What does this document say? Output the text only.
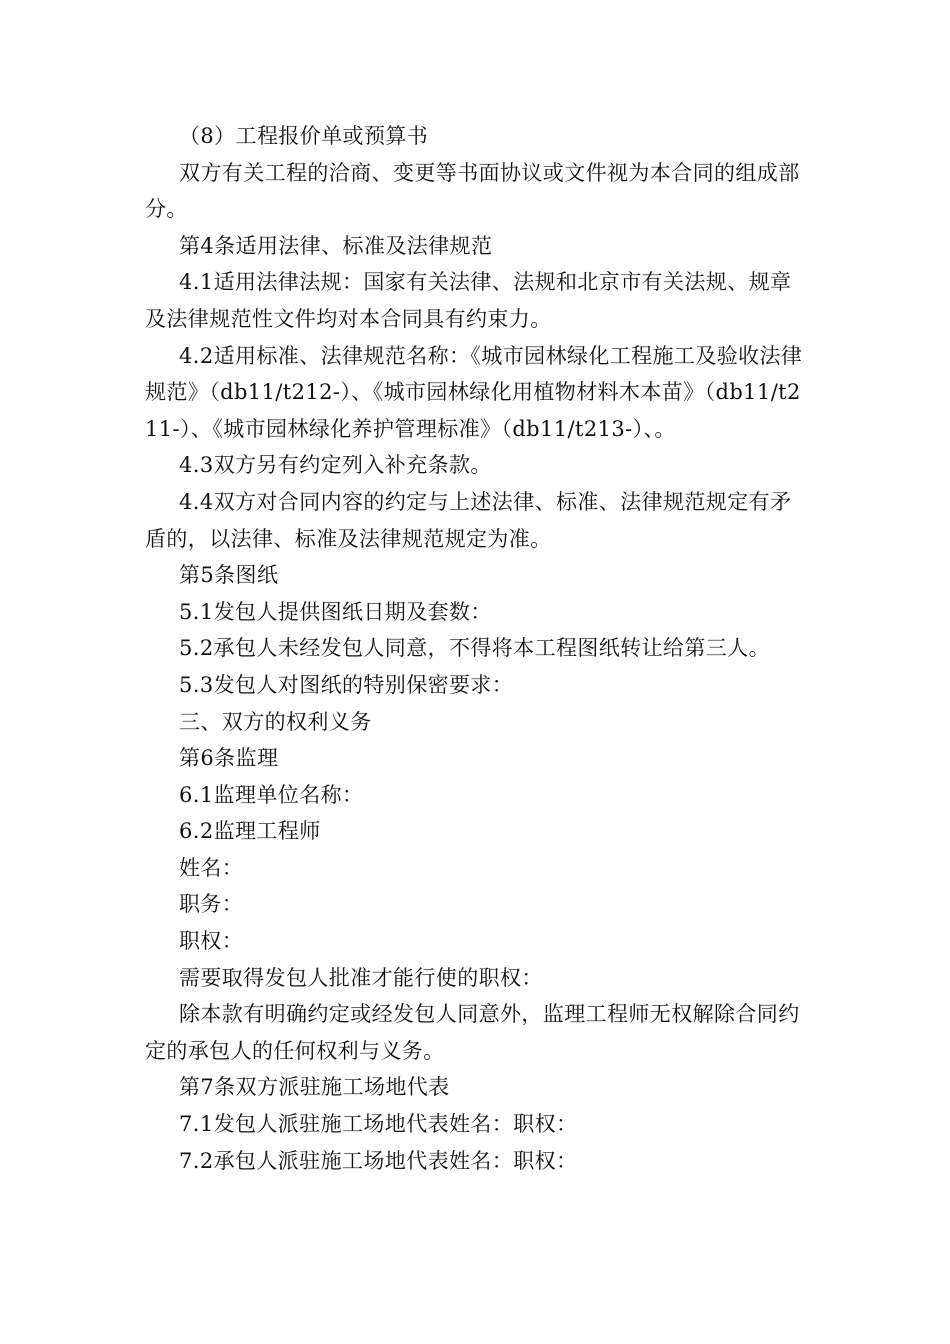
（8）工程报价单或预算书

双方有关工程的洽商、变更等书面协议或文件视为本合同的组成部分。

第4条适用法律、标准及法律规范

4.1适用法律法规：国家有关法律、法规和北京市有关法规、规章及法律规范性文件均对本合同具有约束力。

4.2适用标准、法律规范名称：《城市园林绿化工程施工及验收法律规范》（db11/t212-）、《城市园林绿化用植物材料木本苗》（db11/t211-）、《城市园林绿化养护管理标准》（db11/t213-）、。

4.3双方另有约定列入补充条款。

4.4双方对合同内容的约定与上述法律、标准、法律规范规定有矛盾的，以法律、标准及法律规范规定为准。

第5条图纸

5.1发包人提供图纸日期及套数：

5.2承包人未经发包人同意，不得将本工程图纸转让给第三人。

5.3发包人对图纸的特别保密要求：

三、双方的权利义务

第6条监理

6.1监理单位名称：

6.2监理工程师

姓名：

职务：

职权：

需要取得发包人批准才能行使的职权：

除本款有明确约定或经发包人同意外，监理工程师无权解除合同约定的承包人的任何权利与义务。

第7条双方派驻施工场地代表

7.1发包人派驻施工场地代表姓名：职权：

7.2承包人派驻施工场地代表姓名：职权：
